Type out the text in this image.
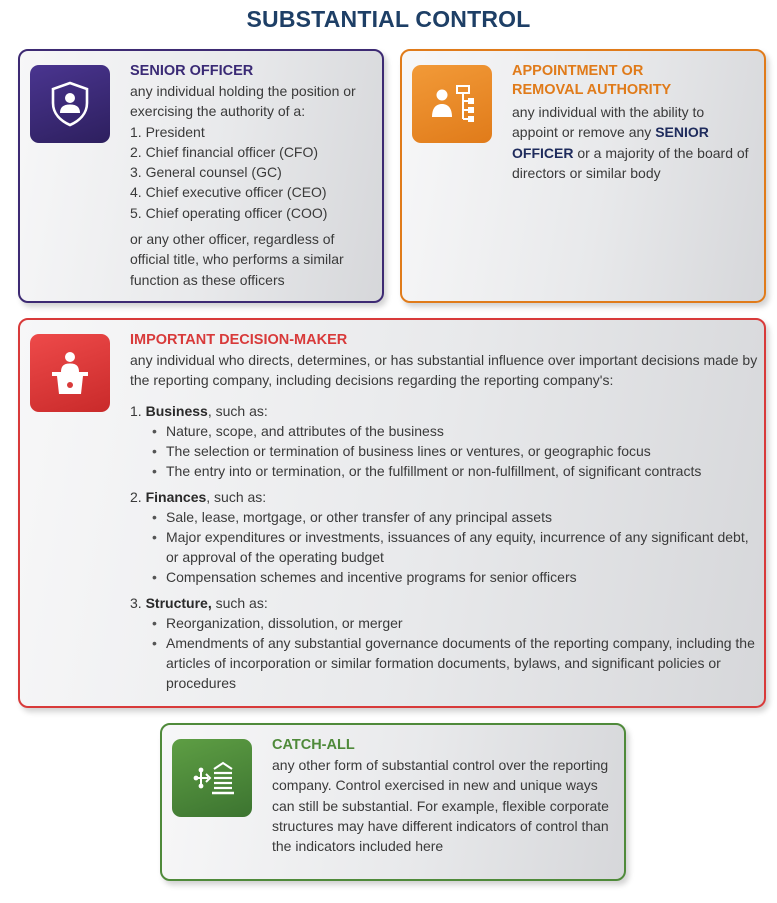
SUBSTANTIAL CONTROL
SENIOR OFFICER
any individual holding the position or exercising the authority of a:
1. President
2. Chief financial officer (CFO)
3. General counsel (GC)
4. Chief executive officer (CEO)
5. Chief operating officer (COO)
or any other officer, regardless of official title, who performs a similar function as these officers
APPOINTMENT OR
REMOVAL AUTHORITY
any individual with the ability to appoint or remove any SENIOR OFFICER or a majority of the board of directors or similar body
IMPORTANT DECISION-MAKER
any individual who directs, determines, or has substantial influence over important decisions made by the reporting company, including decisions regarding the reporting company's:
1. Business, such as:
• Nature, scope, and attributes of the business
• The selection or termination of business lines or ventures, or geographic focus
• The entry into or termination, or the fulfillment or non-fulfillment, of significant contracts
2. Finances, such as:
• Sale, lease, mortgage, or other transfer of any principal assets
• Major expenditures or investments, issuances of any equity, incurrence of any significant debt, or approval of the operating budget
• Compensation schemes and incentive programs for senior officers
3. Structure, such as:
• Reorganization, dissolution, or merger
• Amendments of any substantial governance documents of the reporting company, including the articles of incorporation or similar formation documents, bylaws, and significant policies or procedures
CATCH-ALL
any other form of substantial control over the reporting company. Control exercised in new and unique ways can still be substantial. For example, flexible corporate structures may have different indicators of control than the indicators included here
